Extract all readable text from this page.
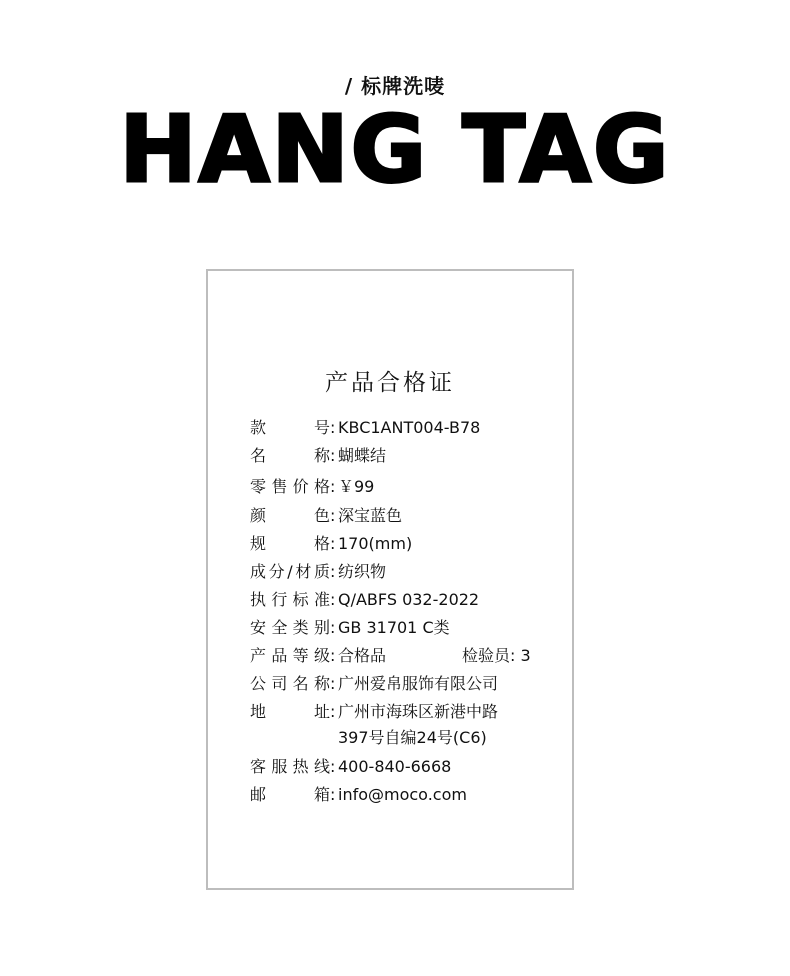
/ 标牌洗唛
HANG TAG
产品合格证
款号: KBC1ANT004-B78
名称: 蝴蝶结
零售价格: ￥99
颜色: 深宝蓝色
规格: 170(mm)
成分/材质: 纺织物
执行标准: Q/ABFS 032-2022
安全类别: GB 31701 C类
产品等级: 合格品	检验员: 3
公司名称: 广州爱帛服饰有限公司
地址: 广州市海珠区新港中路
397号自编24号(C6)
客服热线: 400-840-6668
邮箱: info@moco.com
